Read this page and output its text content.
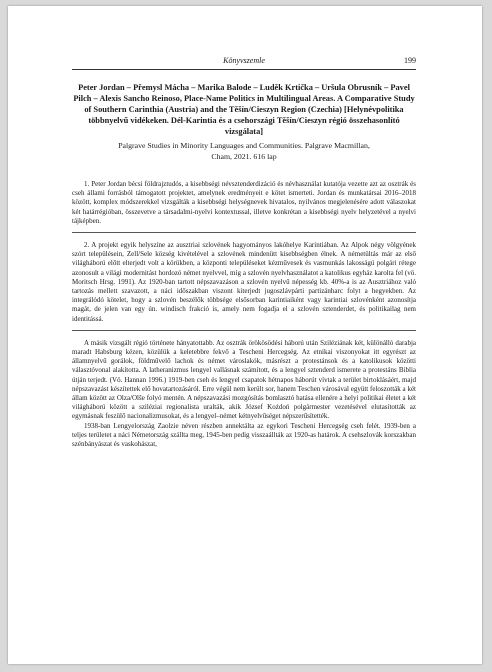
Könyvszemle	199

Peter Jordan – Přemysl Mácha – Marika Balode – Luděk Krtička – Uršula Obrusník – Pavel Pilch – Alexis Sancho Reinoso, Place-Name Politics in Multilingual Areas. A Comparative Study of Southern Carinthia (Austria) and the Těšín/Cieszyn Region (Czechia) [Helynévpolitika többnyelvű vidékeken. Dél-Karintia és a csehországi Těšín/Cieszyn régió összehasonlító vizsgálata]

Palgrave Studies in Minority Languages and Communities. Palgrave Macmillan,
Cham, 2021. 616 lap

1. Peter Jordan bécsi földrajztudós, a kisebbségi névsztenderdizáció és névhasználat kutatója vezette azt az osztrák és cseh állami forrásból támogatott projektet, amelynek eredményeit e kötet ismerteti. Jordan és munkatársai 2016–2018 között, komplex módszerekkel vizsgálták a kisebbségi helységnevek hivatalos, nyilvános megjelenésére adott válaszokat két határrégióban, összevetve a társadalmi-nyelvi kontextussal, illetve konkrétan a kisebbségi nyelv helyzetével a nyelvi tájképben.

2. A projekt egyik helyszíne az ausztriai szlovének hagyományos lakóhelye Karintiában. Az Alpok négy völgyének szórt településein, Zell/Sele község kivételével a szlovének mindenütt kisebbségben élnek. A németültás már az első világháború előtt elterjedt volt a körükben, a központi településeket kézművesek és vasmunkás lakosságú polgári rétege azonosult a világi modernitást hordozó német nyelvvel, míg a szlovén nyelvhasználatot a katolikus egyház karolta fel (vö. Moritsch Hrsg. 1991). Az 1920-ban tartott népszavazáson a szlovén nyelvű népesség kb. 40%-a is az Ausztriához való tartozás mellett szavazott, a náci időszakban viszont kiterjedt jugoszlávpárti partizánharc folyt a hegyekben. Az integrálódó kötelet, hogy a szlovén beszélők többsége elsősorban karintiaiként vagy karintiai szlovénként azonosítja magát, de jelen van egy ún. windisch frakció is, amely nem fogadja el a szlovén sztenderdet, és politikailag nem identitássá.

A másik vizsgált régió története hányatottabb. Az osztrák örökösödési háború után Sziléziának két, különálló darabja maradt Habsburg kézen, közülük a keletebbre fekvő a Tescheni Hercegség. Az etnikai viszonyokat itt egyrészt az államnyelvű gorálok, földművelő lachok és német városlakók, másrészt a protestánsok és a katolikusok közötti választóvonal alakította. A latheranizmus lengyel vallásnak számított, és a lengyel sztenderd ismerete a protestáns Biblia útján terjedt. (Vö. Hannan 1996.) 1919-ben cseh és lengyel csapatok hétnapos háborút vívtak a terület birtoklásáért, majd népszavazást készítettek elő hovatartozásáról. Erre végül nem került sor, hanem Teschen városával együtt feloszották a két állam között az Olza/Olše folyó mentén. A népszavazási mozgósítás bomlasztó hatása ellenére a helyi politikai életet a két világháború között a sziléziai regionalista uralták, akik József Kożdoń polgármester vezetésével elutasították az egymásnak feszülő nacionalizmusokat, és a lengyel–német kétnyelvűséget népszerűsítették.

1938-ban Lengyelország Zaolzie néven részben annektálta az egykori Tescheni Hercegség cseh felét. 1939-ben a teljes területet a náci Németország szállta meg, 1945-ben pedig visszaállták az 1920-as határok. A csehszlovák korszakban szénbányászat és vaskohászat,
